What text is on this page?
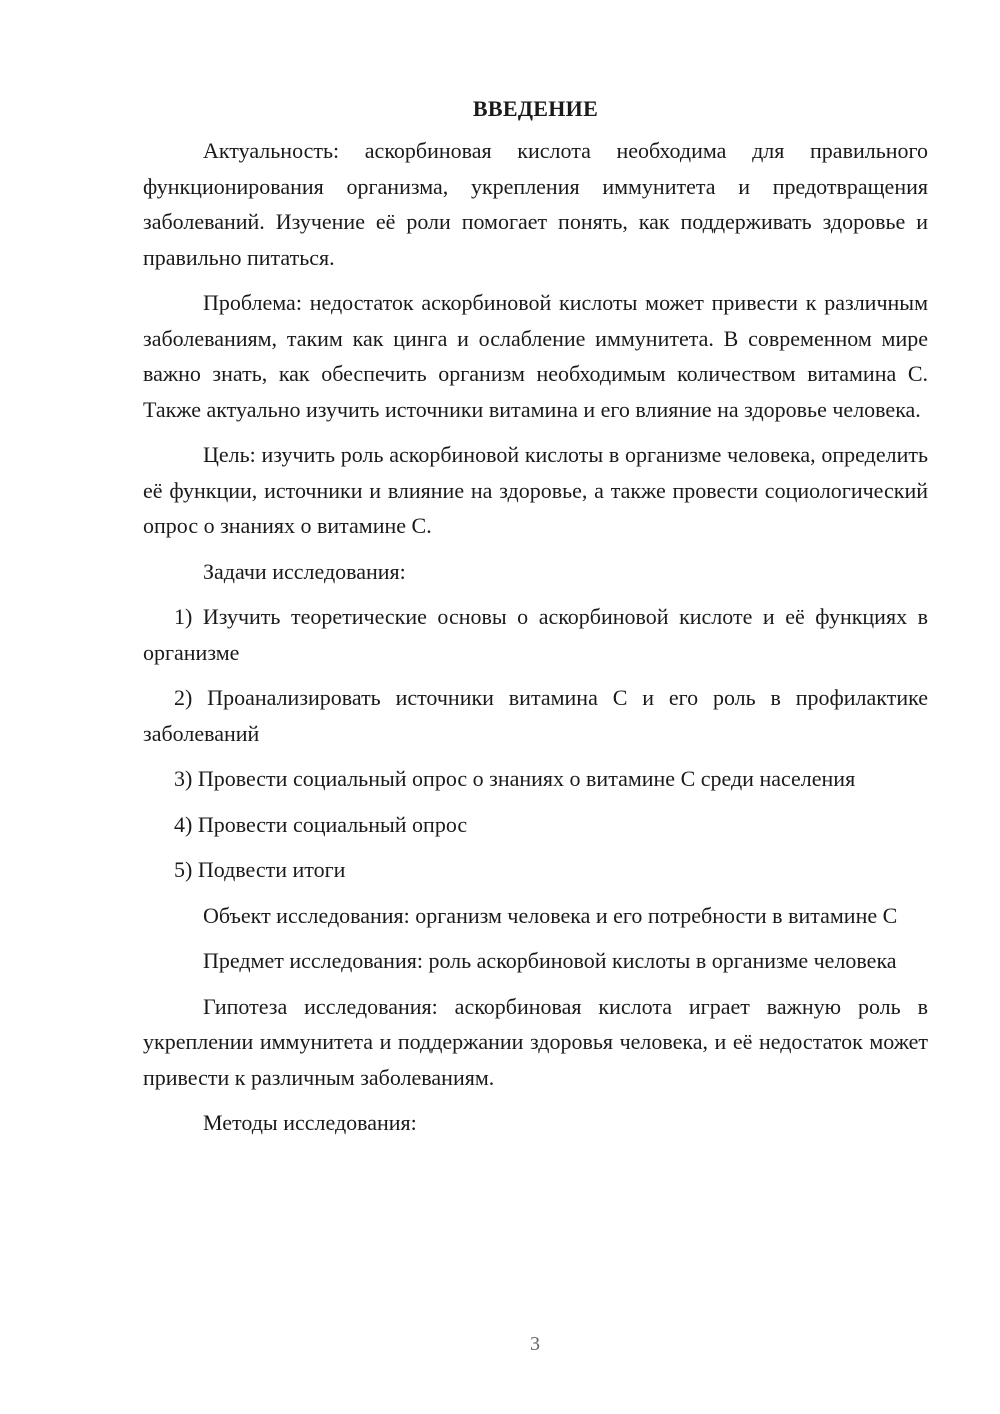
ВВЕДЕНИЕ

Актуальность: аскорбиновая кислота необходима для правильного функционирования организма, укрепления иммунитета и предотвращения заболеваний. Изучение её роли помогает понять, как поддерживать здоровье и правильно питаться.

Проблема: недостаток аскорбиновой кислоты может привести к различным заболеваниям, таким как цинга и ослабление иммунитета. В современном мире важно знать, как обеспечить организм необходимым количеством витамина С. Также актуально изучить источники витамина и его влияние на здоровье человека.

Цель: изучить роль аскорбиновой кислоты в организме человека, определить её функции, источники и влияние на здоровье, а также провести социологический опрос о знаниях о витамине С.

Задачи исследования:

1) Изучить теоретические основы о аскорбиновой кислоте и её функциях в организме

2) Проанализировать источники витамина С и его роль в профилактике заболеваний

3) Провести социальный опрос о знаниях о витамине С среди населения

4) Провести социальный опрос

5) Подвести итоги

Объект исследования: организм человека и его потребности в витамине С

Предмет исследования: роль аскорбиновой кислоты в организме человека

Гипотеза исследования: аскорбиновая кислота играет важную роль в укреплении иммунитета и поддержании здоровья человека, и её недостаток может привести к различным заболеваниям.

Методы исследования:

3
